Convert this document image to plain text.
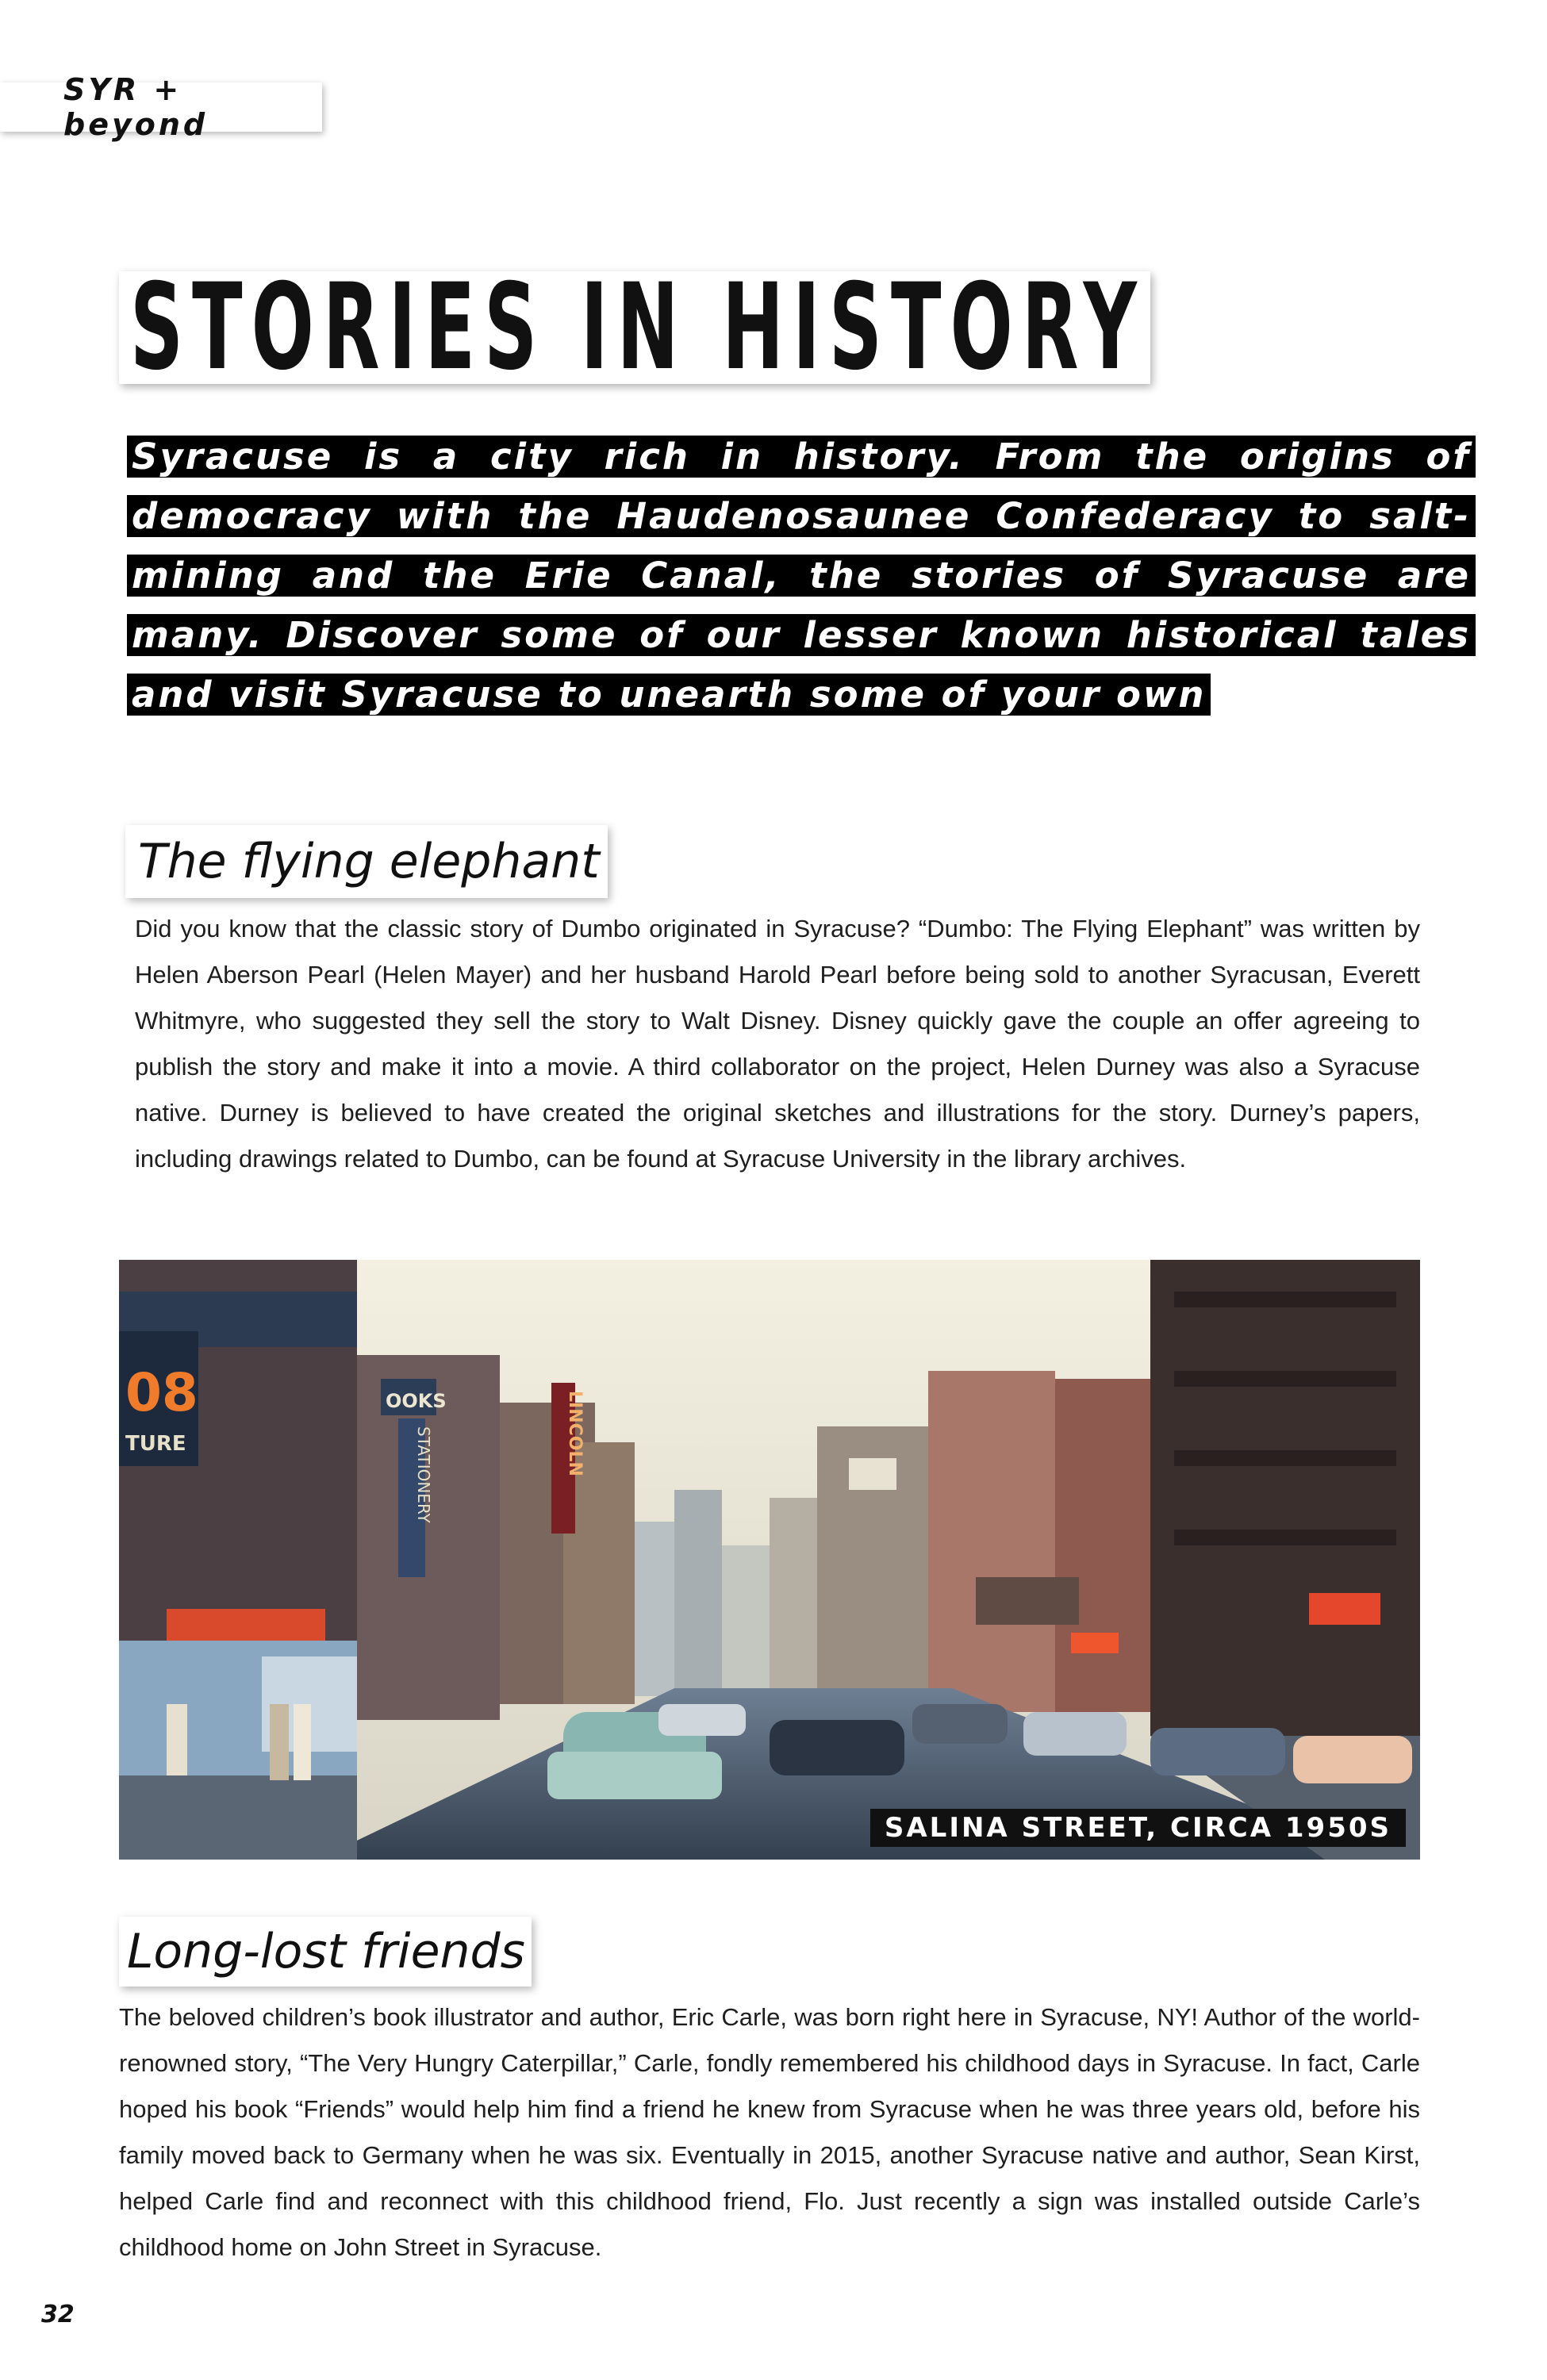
SYR + beyond
STORIES IN HISTORY

Syracuse is a city rich in history. From the origins of democracy with the Haudenosaunee Confederacy to salt-mining and the Erie Canal, the stories of Syracuse are many. Discover some of our lesser known historical tales and visit Syracuse to unearth some of your own

The flying elephant

Did you know that the classic story of Dumbo originated in Syracuse? “Dumbo: The Flying Elephant” was written by Helen Aberson Pearl (Helen Mayer) and her husband Harold Pearl before being sold to another Syracusan, Everett Whitmyre, who suggested they sell the story to Walt Disney. Disney quickly gave the couple an offer agreeing to publish the story and make it into a movie. A third collaborator on the project, Helen Durney was also a Syracuse native. Durney is believed to have created the original sketches and illustrations for the story. Durney’s papers, including drawings related to Dumbo, can be found at Syracuse University in the library archives.

08
TURE
OOKS
STATIONERY	LINCOLN
SALINA STREET, CIRCA 1950S
Long-lost friends

The beloved children’s book illustrator and author, Eric Carle, was born right here in Syracuse, NY! Author of the world-renowned story, “The Very Hungry Caterpillar,” Carle, fondly remembered his childhood days in Syracuse. In fact, Carle hoped his book “Friends” would help him find a friend he knew from Syracuse when he was three years old, before his family moved back to Germany when he was six. Eventually in 2015, another Syracuse native and author, Sean Kirst, helped Carle find and reconnect with this childhood friend, Flo. Just recently a sign was installed outside Carle’s childhood home on John Street in Syracuse.

32
